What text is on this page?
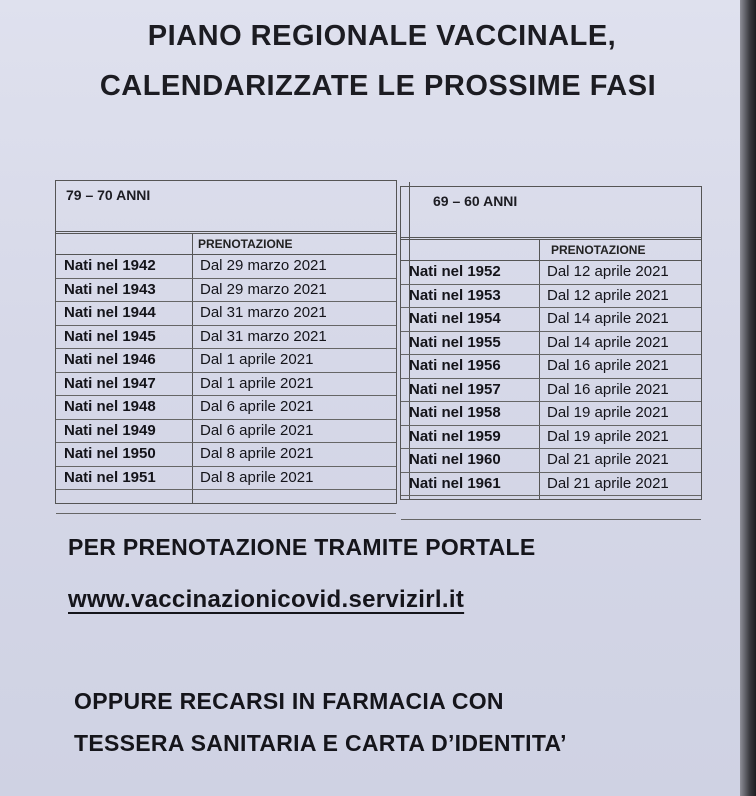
PIANO REGIONALE VACCINALE,
CALENDARIZZATE LE PROSSIME FASI
79 – 70 ANNI
PRENOTAZIONE
Nati nel 1942	Dal 29 marzo 2021
Nati nel 1943	Dal 29 marzo 2021
Nati nel 1944	Dal 31 marzo 2021
Nati nel 1945	Dal 31 marzo 2021
Nati nel 1946	Dal 1 aprile 2021
Nati nel 1947	Dal 1 aprile 2021
Nati nel 1948	Dal 6 aprile 2021
Nati nel 1949	Dal 6 aprile 2021
Nati nel 1950	Dal 8 aprile 2021
Nati nel 1951	Dal 8 aprile 2021
69 – 60 ANNI
PRENOTAZIONE
Nati nel 1952	Dal 12 aprile 2021
Nati nel 1953	Dal 12 aprile 2021
Nati nel 1954	Dal 14 aprile 2021
Nati nel 1955	Dal 14 aprile 2021
Nati nel 1956	Dal 16 aprile 2021
Nati nel 1957	Dal 16 aprile 2021
Nati nel 1958	Dal 19 aprile 2021
Nati nel 1959	Dal 19 aprile 2021
Nati nel 1960	Dal 21 aprile 2021
Nati nel 1961	Dal 21 aprile 2021
PER PRENOTAZIONE TRAMITE PORTALE
www.vaccinazionicovid.servizirl.it
OPPURE RECARSI IN FARMACIA CON
TESSERA SANITARIA E CARTA D’IDENTITA’
